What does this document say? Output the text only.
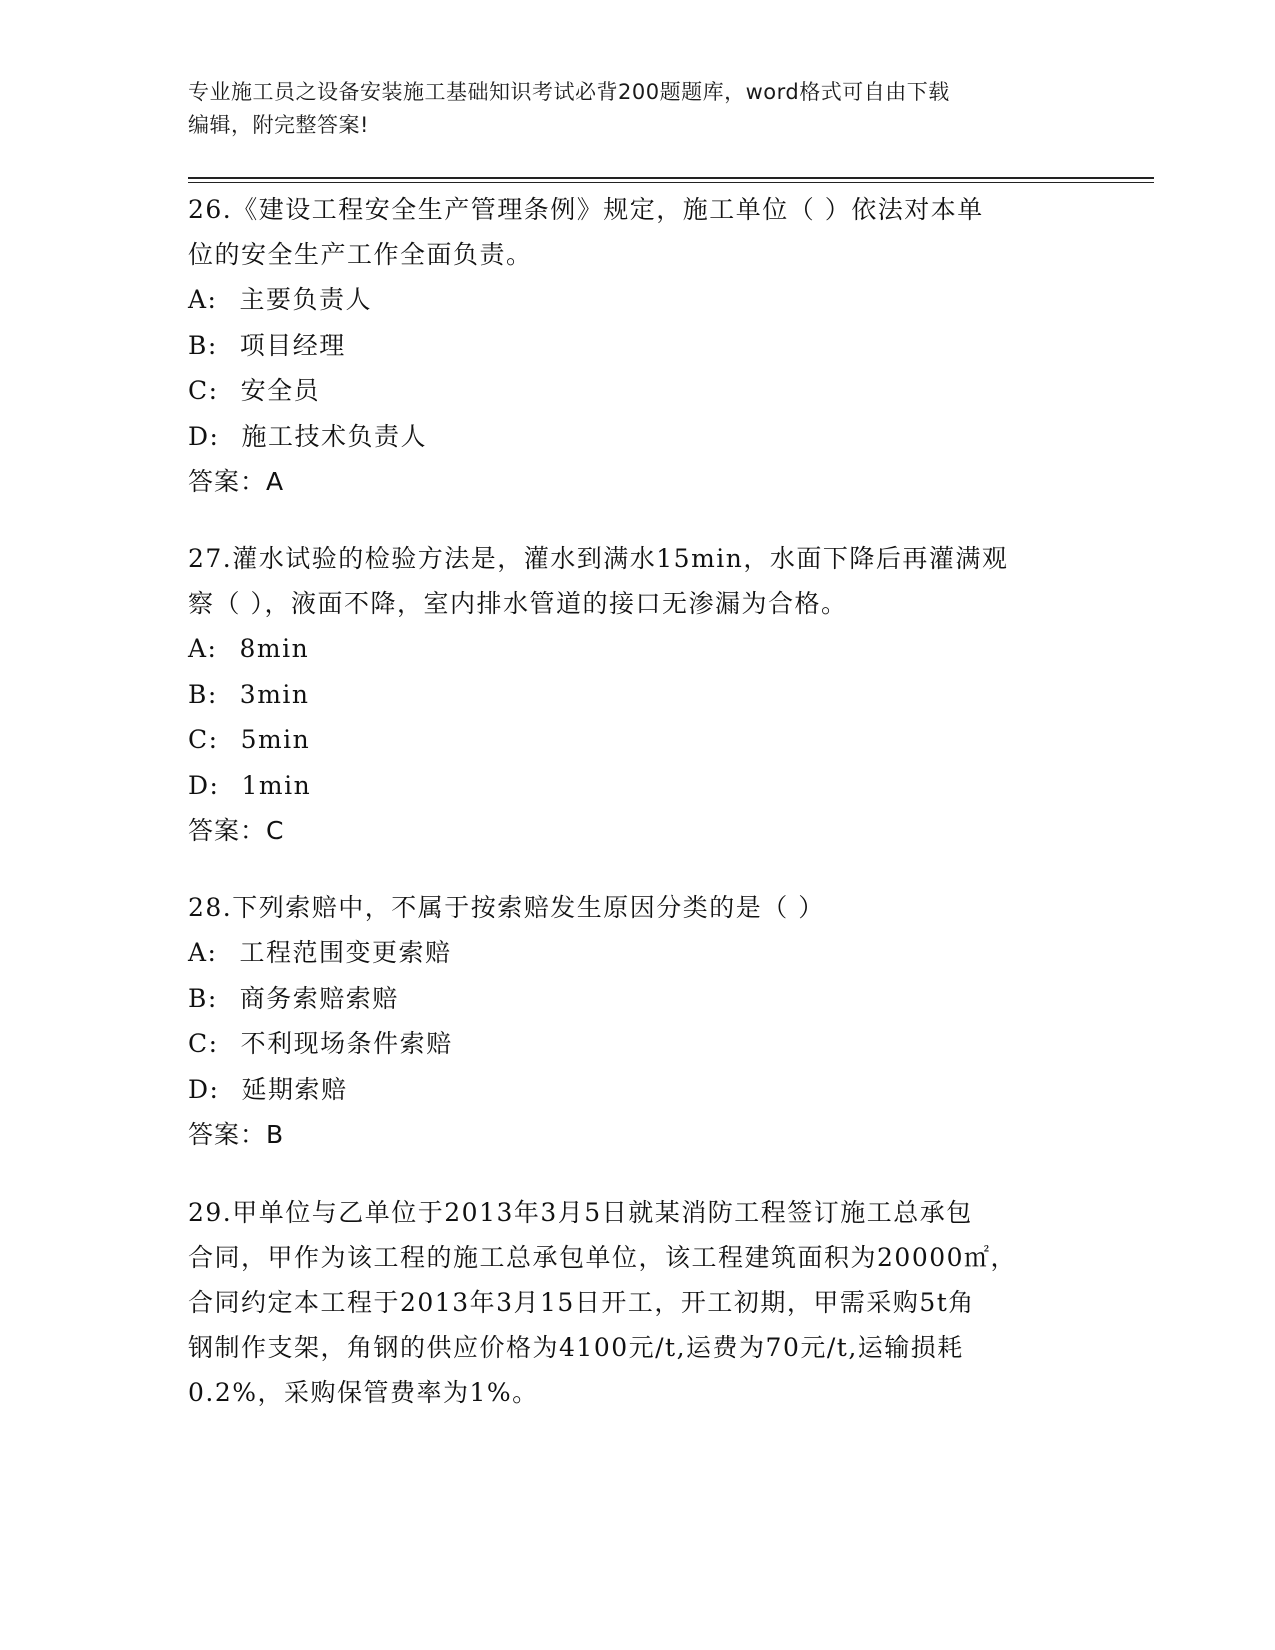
专业施工员之设备安装施工基础知识考试必背200题题库，word格式可自由下载
编辑，附完整答案!
26.《建设工程安全生产管理条例》规定，施工单位（ ）依法对本单
位的安全生产工作全面负责。
A: 主要负责人
B: 项目经理
C: 安全员
D: 施工技术负责人
答案：A
27.灌水试验的检验方法是，灌水到满水15min，水面下降后再灌满观
察（ ），液面不降，室内排水管道的接口无渗漏为合格。
A: 8min
B: 3min
C: 5min
D: 1min
答案：C
28.下列索赔中，不属于按索赔发生原因分类的是（ ）
A: 工程范围变更索赔
B: 商务索赔索赔
C: 不利现场条件索赔
D: 延期索赔
答案：B
29.甲单位与乙单位于2013年3月5日就某消防工程签订施工总承包
合同，甲作为该工程的施工总承包单位，该工程建筑面积为20000㎡，
合同约定本工程于2013年3月15日开工，开工初期，甲需采购5t角
钢制作支架，角钢的供应价格为4100元/t,运费为70元/t,运输损耗
0.2%，采购保管费率为1%。
